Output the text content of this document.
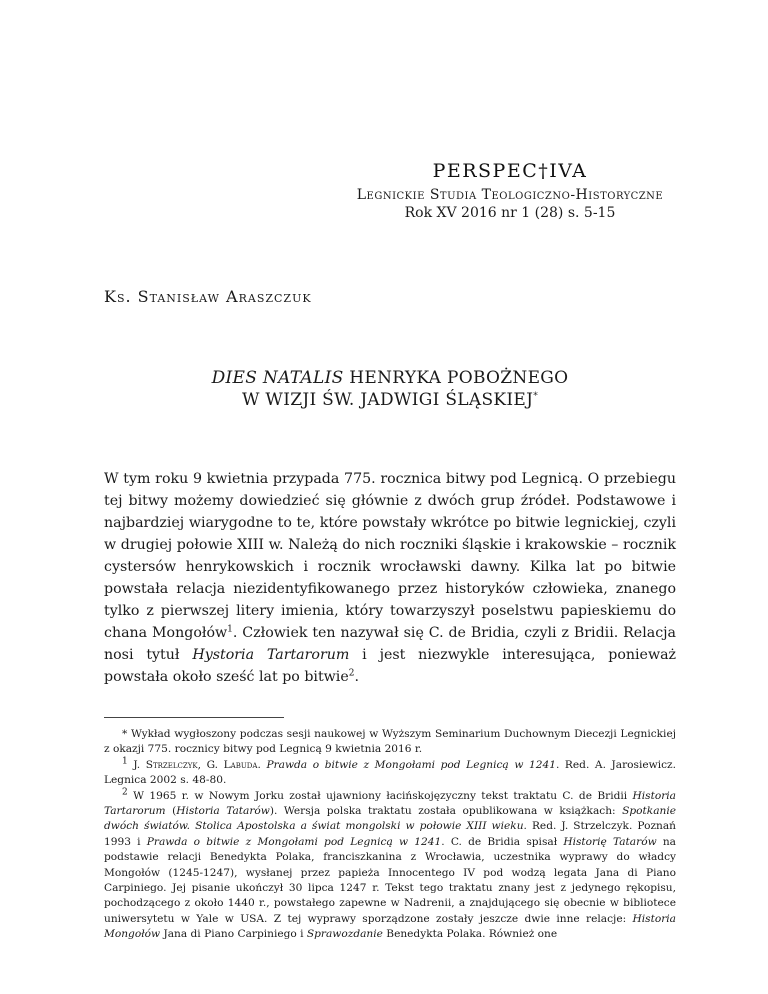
PERSPEC†IVA
Legnickie Studia Teologiczno-Historyczne
Rok XV 2016 nr 1 (28) s. 5-15
Ks. Stanisław Araszczuk
DIES NATALIS HENRYKA POBOŻNEGO
W WIZJI ŚW. JADWIGI ŚLĄSKIEJ*
W tym roku 9 kwietnia przypada 775. rocznica bitwy pod Legnicą. O przebiegu tej bitwy możemy dowiedzieć się głównie z dwóch grup źródeł. Podstawowe i najbardziej wiarygodne to te, które powstały wkrótce po bitwie legnickiej, czyli w drugiej połowie XIII w. Należą do nich roczniki śląskie i krakowskie – rocznik cystersów henrykowskich i rocznik wrocławski dawny. Kilka lat po bitwie powstała relacja niezidentyfikowanego przez historyków człowieka, znanego tylko z pierwszej litery imienia, który towarzyszył poselstwu papieskiemu do chana Mongołów$^1$. Człowiek ten nazywał się C. de Bridia, czyli z Bridii. Relacja nosi tytuł Hystoria Tartarorum i jest niezwykle interesująca, ponieważ powstała około sześć lat po bitwie$^2$.

* Wykład wygłoszony podczas sesji naukowej w Wyższym Seminarium Duchownym Diecezji Legnickiej z okazji 775. rocznicy bitwy pod Legnicą 9 kwietnia 2016 r.

$^1$ J. Strzelczyk, G. Labuda. Prawda o bitwie z Mongołami pod Legnicą w 1241. Red. A. Jarosiewicz. Legnica 2002 s. 48-80.

$^2$ W 1965 r. w Nowym Jorku został ujawniony łacińskojęzyczny tekst traktatu C. de Bridii Historia Tartarorum (Historia Tatarów). Wersja polska traktatu została opublikowana w książkach: Spotkanie dwóch światów. Stolica Apostolska a świat mongolski w połowie XIII wieku. Red. J. Strzelczyk. Poznań 1993 i Prawda o bitwie z Mongołami pod Legnicą w 1241. C. de Bridia spisał Historię Tatarów na podstawie relacji Benedykta Polaka, franciszkanina z Wrocławia, uczestnika wyprawy do władcy Mongołów (1245-1247), wysłanej przez papieża Innocentego IV pod wodzą legata Jana di Piano Carpiniego. Jej pisanie ukończył 30 lipca 1247 r. Tekst tego traktatu znany jest z jedynego rękopisu, pochodzącego z około 1440 r., powstałego zapewne w Nadrenii, a znajdującego się obecnie w bibliotece uniwersytetu w Yale w USA. Z tej wyprawy sporządzone zostały jeszcze dwie inne relacje: Historia Mongołów Jana di Piano Carpiniego i Sprawozdanie Benedykta Polaka. Również one
